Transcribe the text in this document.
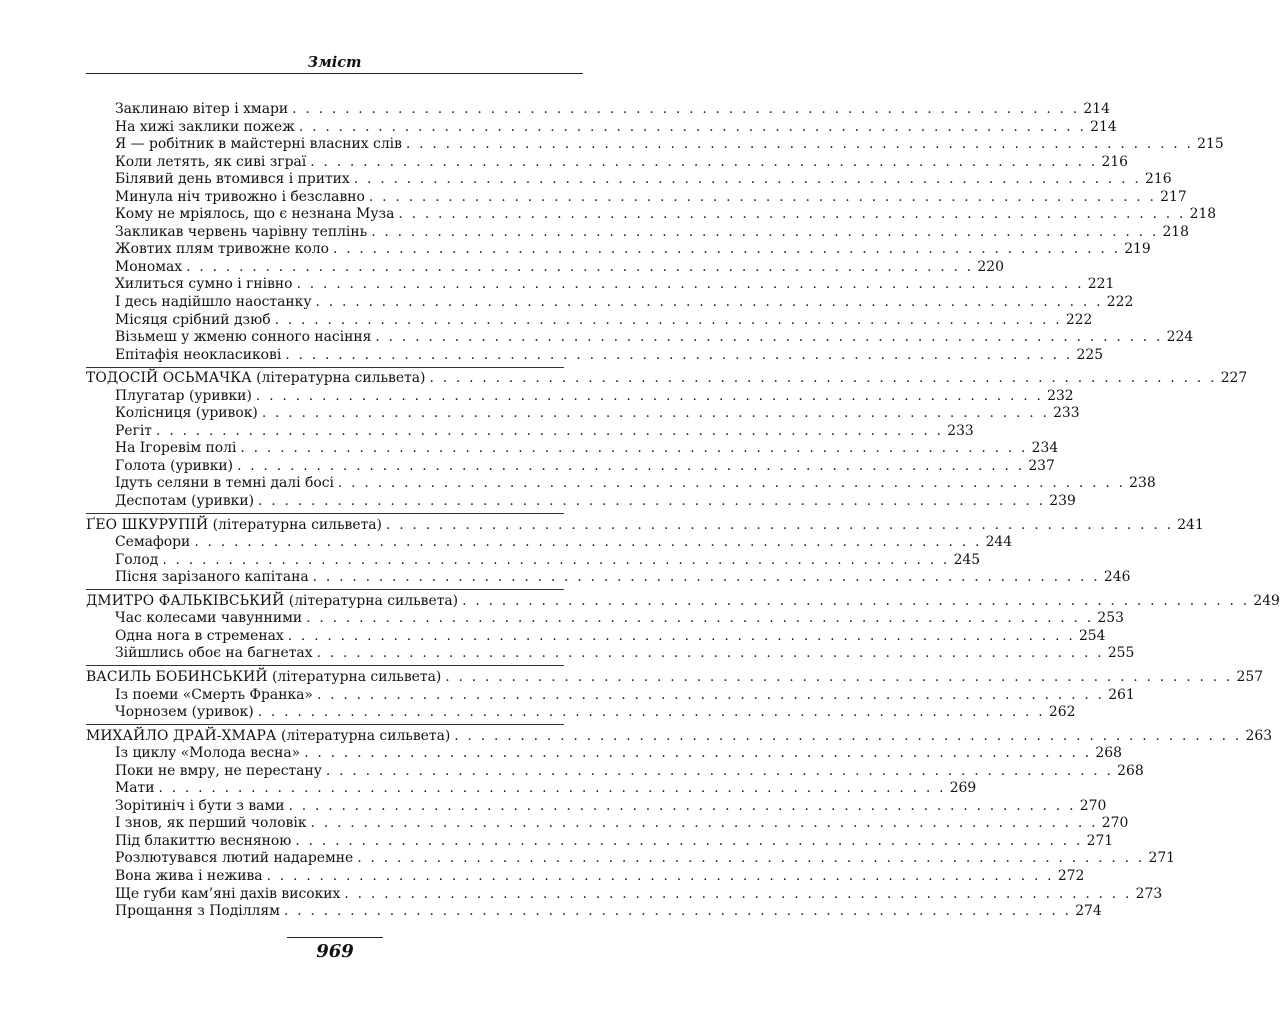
Зміст
Заклинаю вітер і хмари . . . . . . . . . . . . . . . . . . . . . . . . . . . . . . . . . . . . . . . . . . . . . . . . . . . . . . . . . . . . 214
На хижі заклики пожеж . . . . . . . . . . . . . . . . . . . . . . . . . . . . . . . . . . . . . . . . . . . . . . . . . . . . . . . . . . . . 214
Я — робітник в майстерні власних слів . . . . . . . . . . . . . . . . . . . . . . . . . . . . . . . . . . . . . . . . . . . . . . . . . . . . . . . . . . . . 215
Коли летять, як сиві зграї . . . . . . . . . . . . . . . . . . . . . . . . . . . . . . . . . . . . . . . . . . . . . . . . . . . . . . . . . . . . 216
Білявий день втомився і притих . . . . . . . . . . . . . . . . . . . . . . . . . . . . . . . . . . . . . . . . . . . . . . . . . . . . . . . . . . . . 216
Минула ніч тривожно і безславно . . . . . . . . . . . . . . . . . . . . . . . . . . . . . . . . . . . . . . . . . . . . . . . . . . . . . . . . . . . . 217
Кому не мріялось, що є незнана Муза . . . . . . . . . . . . . . . . . . . . . . . . . . . . . . . . . . . . . . . . . . . . . . . . . . . . . . . . . . . . 218
Закликав червень чарівну теплінь . . . . . . . . . . . . . . . . . . . . . . . . . . . . . . . . . . . . . . . . . . . . . . . . . . . . . . . . . . . . 218
Жовтих плям тривожне коло . . . . . . . . . . . . . . . . . . . . . . . . . . . . . . . . . . . . . . . . . . . . . . . . . . . . . . . . . . . . 219
Мономах . . . . . . . . . . . . . . . . . . . . . . . . . . . . . . . . . . . . . . . . . . . . . . . . . . . . . . . . . . . . 220
Хилиться сумно і гнівно . . . . . . . . . . . . . . . . . . . . . . . . . . . . . . . . . . . . . . . . . . . . . . . . . . . . . . . . . . . . 221
І десь надійшло наостанку . . . . . . . . . . . . . . . . . . . . . . . . . . . . . . . . . . . . . . . . . . . . . . . . . . . . . . . . . . . . 222
Місяця срібний дзюб . . . . . . . . . . . . . . . . . . . . . . . . . . . . . . . . . . . . . . . . . . . . . . . . . . . . . . . . . . . . 222
Візьмеш у жменю сонного насіння . . . . . . . . . . . . . . . . . . . . . . . . . . . . . . . . . . . . . . . . . . . . . . . . . . . . . . . . . . . . 224
Епітафія неокласикові . . . . . . . . . . . . . . . . . . . . . . . . . . . . . . . . . . . . . . . . . . . . . . . . . . . . . . . . . . . . 225
ТОДОСІЙ ОСЬМАЧКА (літературна сильвета) . . . . . . . . . . . . . . . . . . . . . . . . . . . . . . . . . . . . . . . . . . . . . . . . . . . . . . . . . . . . 227
Плугатар (уривки) . . . . . . . . . . . . . . . . . . . . . . . . . . . . . . . . . . . . . . . . . . . . . . . . . . . . . . . . . . . . 232
Колісниця (уривок) . . . . . . . . . . . . . . . . . . . . . . . . . . . . . . . . . . . . . . . . . . . . . . . . . . . . . . . . . . . . 233
Регіт . . . . . . . . . . . . . . . . . . . . . . . . . . . . . . . . . . . . . . . . . . . . . . . . . . . . . . . . . . . . 233
На Ігоревім полі . . . . . . . . . . . . . . . . . . . . . . . . . . . . . . . . . . . . . . . . . . . . . . . . . . . . . . . . . . . . 234
Голота (уривки) . . . . . . . . . . . . . . . . . . . . . . . . . . . . . . . . . . . . . . . . . . . . . . . . . . . . . . . . . . . . 237
Ідуть селяни в темні далі босі . . . . . . . . . . . . . . . . . . . . . . . . . . . . . . . . . . . . . . . . . . . . . . . . . . . . . . . . . . . . 238
Деспотам (уривки) . . . . . . . . . . . . . . . . . . . . . . . . . . . . . . . . . . . . . . . . . . . . . . . . . . . . . . . . . . . . 239
ҐЕО ШКУРУПІЙ (літературна сильвета) . . . . . . . . . . . . . . . . . . . . . . . . . . . . . . . . . . . . . . . . . . . . . . . . . . . . . . . . . . . . 241
Семафори . . . . . . . . . . . . . . . . . . . . . . . . . . . . . . . . . . . . . . . . . . . . . . . . . . . . . . . . . . . . 244
Голод . . . . . . . . . . . . . . . . . . . . . . . . . . . . . . . . . . . . . . . . . . . . . . . . . . . . . . . . . . . . 245
Пісня зарізаного капітана . . . . . . . . . . . . . . . . . . . . . . . . . . . . . . . . . . . . . . . . . . . . . . . . . . . . . . . . . . . . 246
ДМИТРО ФАЛЬКІВСЬКИЙ (літературна сильвета) . . . . . . . . . . . . . . . . . . . . . . . . . . . . . . . . . . . . . . . . . . . . . . . . . . . . . . . . . . . . 249
Час колесами чавунними . . . . . . . . . . . . . . . . . . . . . . . . . . . . . . . . . . . . . . . . . . . . . . . . . . . . . . . . . . . . 253
Одна нога в стременах . . . . . . . . . . . . . . . . . . . . . . . . . . . . . . . . . . . . . . . . . . . . . . . . . . . . . . . . . . . . 254
Зійшлись обоє на багнетах . . . . . . . . . . . . . . . . . . . . . . . . . . . . . . . . . . . . . . . . . . . . . . . . . . . . . . . . . . . . 255
ВАСИЛЬ БОБИНСЬКИЙ (літературна сильвета) . . . . . . . . . . . . . . . . . . . . . . . . . . . . . . . . . . . . . . . . . . . . . . . . . . . . . . . . . . . . 257
Із поеми «Смерть Франка» . . . . . . . . . . . . . . . . . . . . . . . . . . . . . . . . . . . . . . . . . . . . . . . . . . . . . . . . . . . . 261
Чорнозем (уривок) . . . . . . . . . . . . . . . . . . . . . . . . . . . . . . . . . . . . . . . . . . . . . . . . . . . . . . . . . . . . 262
МИХАЙЛО ДРАЙ-ХМАРА (літературна сильвета) . . . . . . . . . . . . . . . . . . . . . . . . . . . . . . . . . . . . . . . . . . . . . . . . . . . . . . . . . . . . 263
Із циклу «Молода весна» . . . . . . . . . . . . . . . . . . . . . . . . . . . . . . . . . . . . . . . . . . . . . . . . . . . . . . . . . . . . 268
Поки не вмру, не перестану . . . . . . . . . . . . . . . . . . . . . . . . . . . . . . . . . . . . . . . . . . . . . . . . . . . . . . . . . . . . 268
Мати . . . . . . . . . . . . . . . . . . . . . . . . . . . . . . . . . . . . . . . . . . . . . . . . . . . . . . . . . . . . 269
Зорітиніч і бути з вами . . . . . . . . . . . . . . . . . . . . . . . . . . . . . . . . . . . . . . . . . . . . . . . . . . . . . . . . . . . . 270
І знов, як перший чоловік . . . . . . . . . . . . . . . . . . . . . . . . . . . . . . . . . . . . . . . . . . . . . . . . . . . . . . . . . . . . 270
Під блакиттю весняною . . . . . . . . . . . . . . . . . . . . . . . . . . . . . . . . . . . . . . . . . . . . . . . . . . . . . . . . . . . . 271
Розлютувався лютий надаремне . . . . . . . . . . . . . . . . . . . . . . . . . . . . . . . . . . . . . . . . . . . . . . . . . . . . . . . . . . . . 271
Вона жива і нежива . . . . . . . . . . . . . . . . . . . . . . . . . . . . . . . . . . . . . . . . . . . . . . . . . . . . . . . . . . . . 272
Ще губи кам’яні дахів високих . . . . . . . . . . . . . . . . . . . . . . . . . . . . . . . . . . . . . . . . . . . . . . . . . . . . . . . . . . . . 273
Прощання з Поділлям . . . . . . . . . . . . . . . . . . . . . . . . . . . . . . . . . . . . . . . . . . . . . . . . . . . . . . . . . . . . 274
969
